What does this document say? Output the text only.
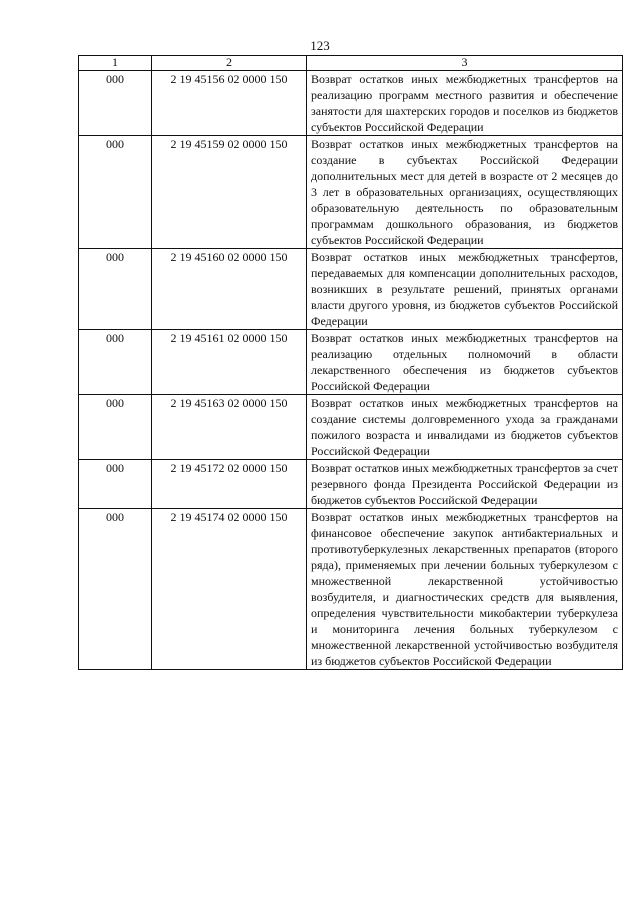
123
1	2	3
000	2 19 45156 02 0000 150	Возврат остатков иных межбюджетных трансфертов на реализацию программ местного развития и обеспечение занятости для шахтерских городов и поселков из бюджетов субъектов Российской Федерации
000	2 19 45159 02 0000 150	Возврат остатков иных межбюджетных трансфертов на создание в субъектах Российской Федерации дополнительных мест для детей в возрасте от 2 месяцев до 3 лет в образовательных организациях, осуществляющих образовательную деятельность по образовательным программам дошкольного образования, из бюджетов субъектов Российской Федерации
000	2 19 45160 02 0000 150	Возврат остатков иных межбюджетных трансфертов, передаваемых для компенсации дополнительных расходов, возникших в результате решений, принятых органами власти другого уровня, из бюджетов субъектов Российской Федерации
000	2 19 45161 02 0000 150	Возврат остатков иных межбюджетных трансфертов на реализацию отдельных полномочий в области лекарственного обеспечения из бюджетов субъектов Российской Федерации
000	2 19 45163 02 0000 150	Возврат остатков иных межбюджетных трансфертов на создание системы долговременного ухода за гражданами пожилого возраста и инвалидами из бюджетов субъектов Российской Федерации
000	2 19 45172 02 0000 150	Возврат остатков иных межбюджетных трансфертов за счет резервного фонда Президента Российской Федерации из бюджетов субъектов Российской Федерации
000	2 19 45174 02 0000 150	Возврат остатков иных межбюджетных трансфертов на финансовое обеспечение закупок антибактериальных и противотуберкулезных лекарственных препаратов (второго ряда), применяемых при лечении больных туберкулезом с множественной лекарственной устойчивостью возбудителя, и диагностических средств для выявления, определения чувствительности микобактерии туберкулеза и мониторинга лечения больных туберкулезом с множественной лекарственной устойчивостью возбудителя из бюджетов субъектов Российской Федерации
